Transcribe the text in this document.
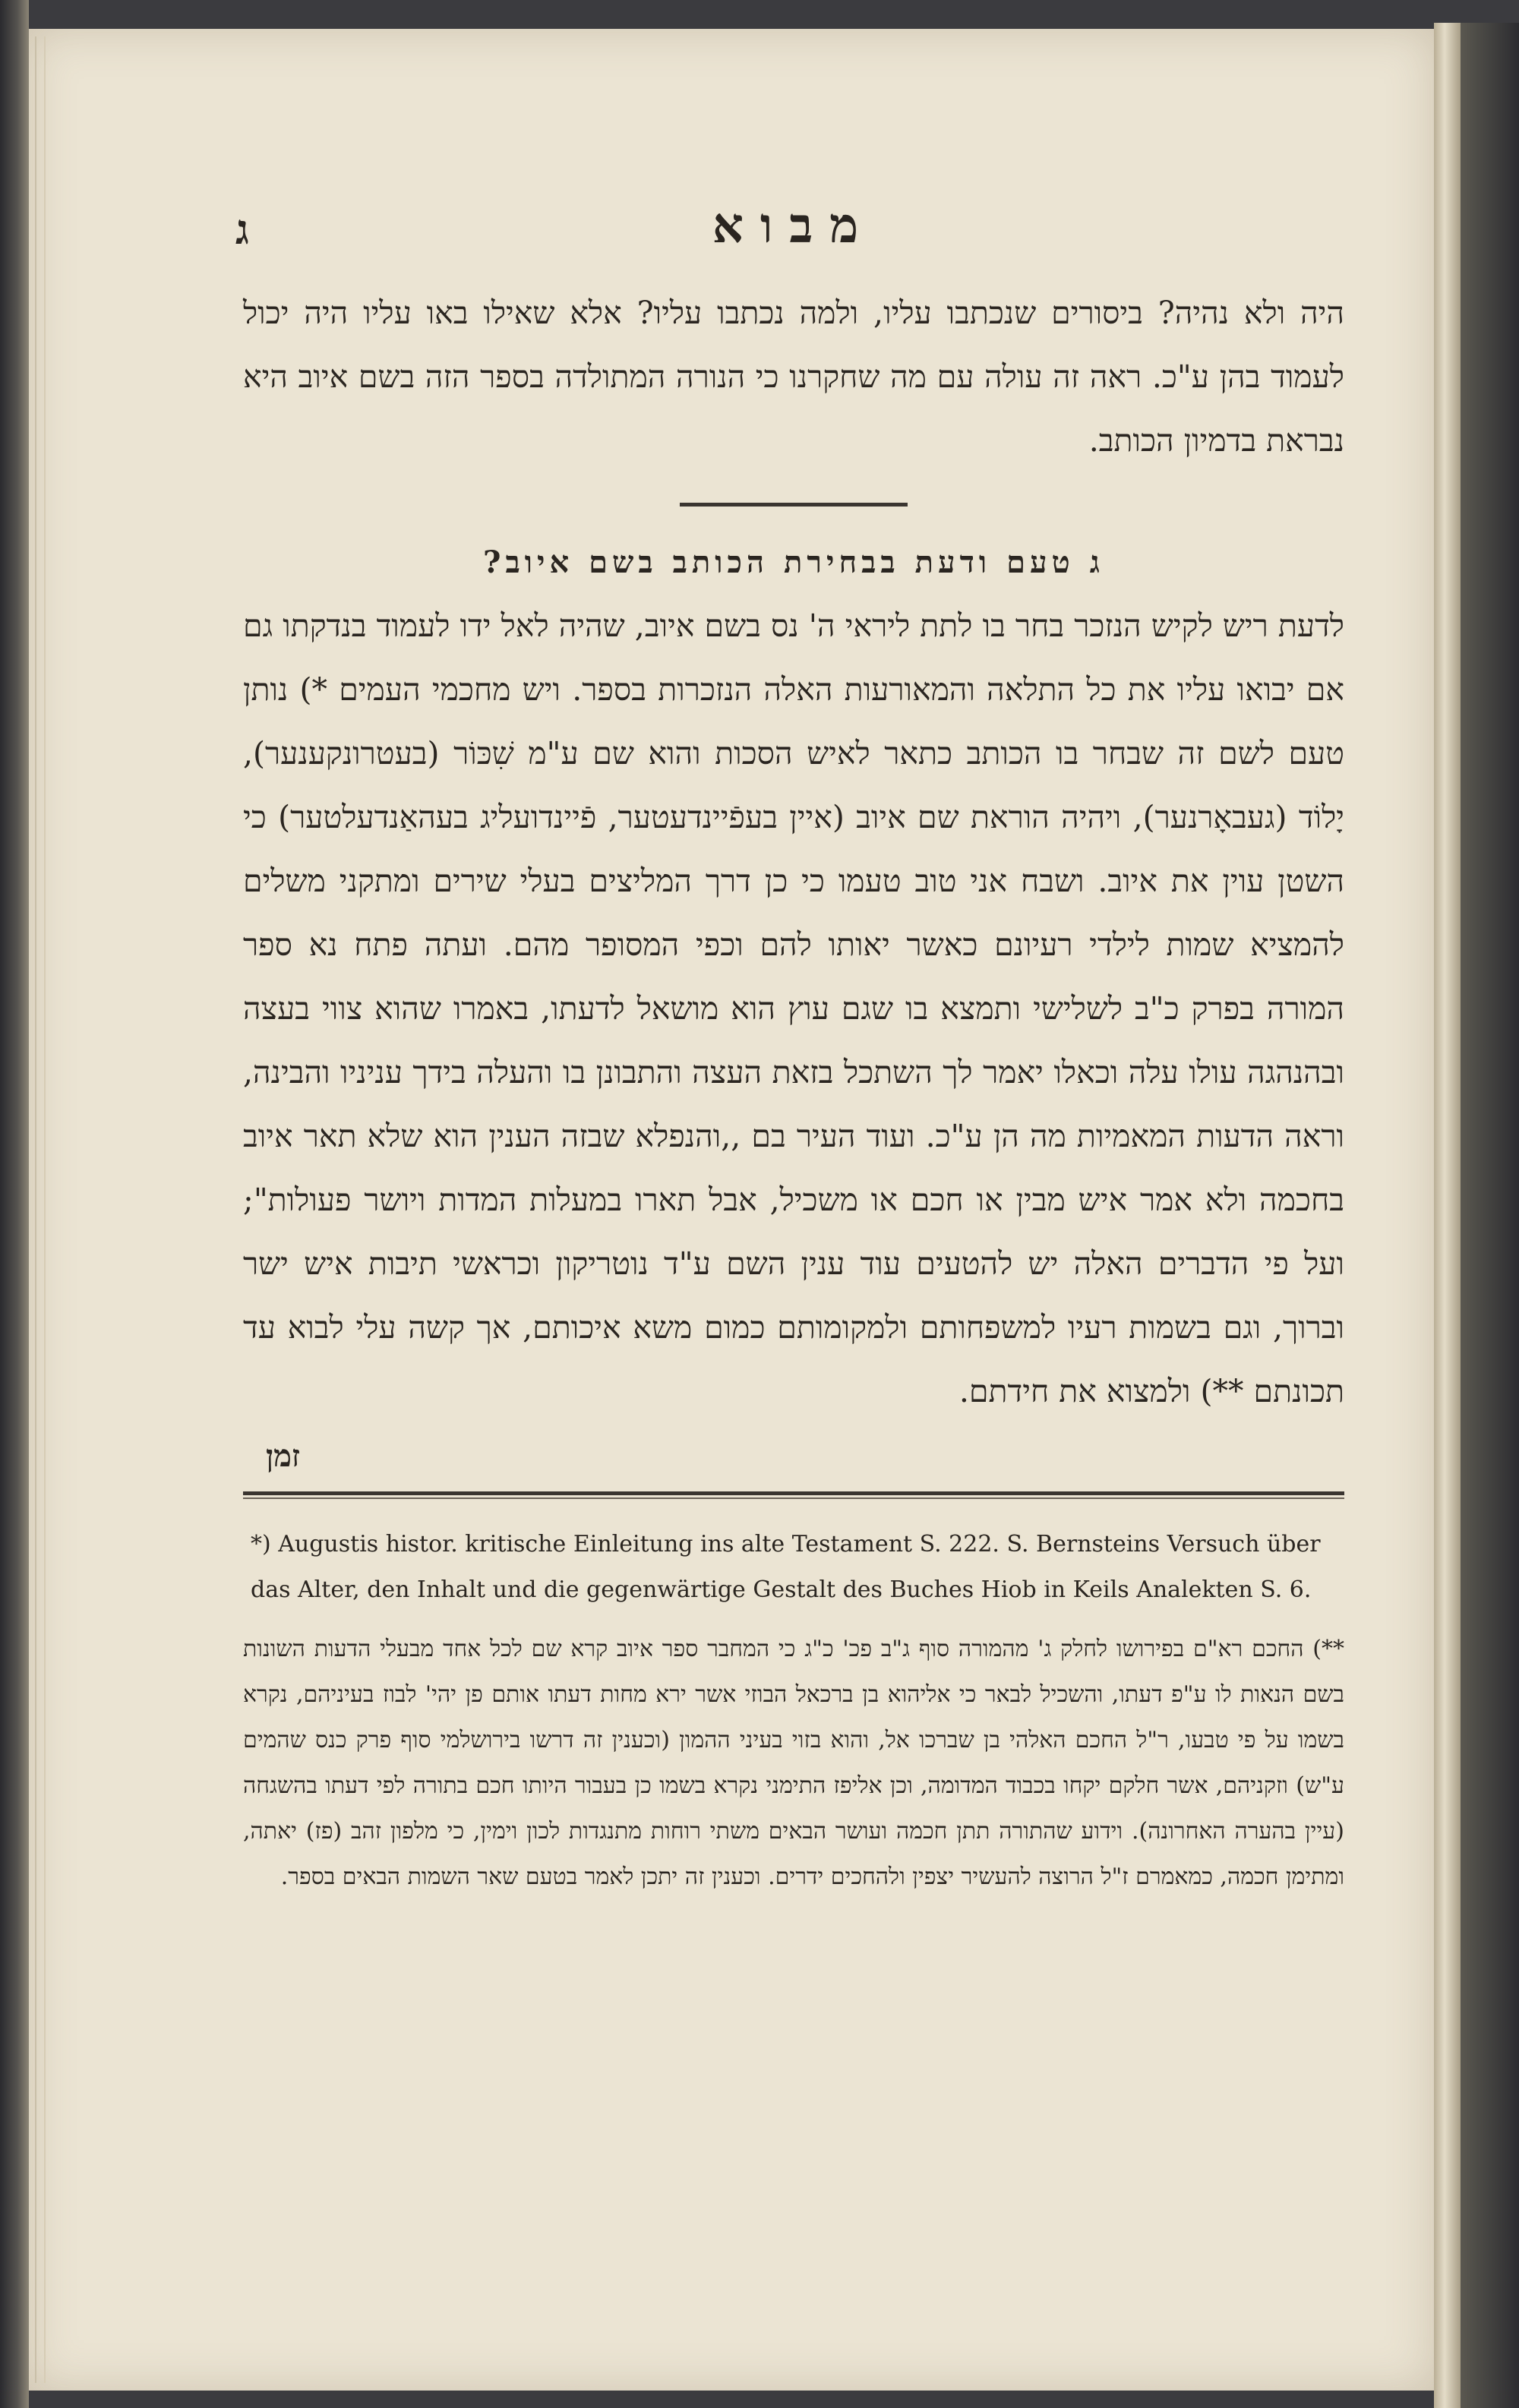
מבוא
ג
היה ולא נהיה? ביסורים שנכתבו עליו, ולמה נכתבו עליו? אלא שאילו באו עליו היה יכול לעמוד בהן ע"כ. ראה זה עולה עם מה שחקרנו כי הנורה המתולדה בספר הזה בשם איוב היא נבראת בדמיון הכותב.
ג טעם ודעת בבחירת הכותב בשם איוב?
לדעת ריש לקיש הנזכר בחר בו לתת ליראי ה' נס בשם איוב, שהיה לאל ידו לעמוד בנדקתו גם אם יבואו עליו את כל התלאה והמאורעות האלה הנזכרות בספר. ויש מחכמי העמים *) נותן טעם לשם זה שבחר בו הכותב כתאר לאיש הסכות והוא שם ע"מ שִׁכּוֹר (בעטרונקענער), יָלוֹד (געבאָרנער), ויהיה הוראת שם איוב (איין בעפֿיינדעטער, פֿיינדועליג בעהאַנדעלטער) כי השטן עוין את איוב. ושבח אני טוב טעמו כי כן דרך המליצים בעלי שירים ומתקני משלים להמציא שמות לילדי רעיונם כאשר יאותו להם וכפי המסופר מהם. ועתה פתח נא ספר המורה בפרק כ"ב לשלישי ותמצא בו שגם עוץ הוא מושאל לדעתו, באמרו שהוא צווי בעצה ובהנהגה עולו עלה וכאלו יאמר לך השתכל בזאת העצה והתבונן בו והעלה בידך עניניו והבינה, וראה הדעות המאמיות מה הן ע"כ. ועוד העיר בם ,,והנפלא שבזה הענין הוא שלא תאר איוב בחכמה ולא אמר איש מבין או חכם או משכיל, אבל תארו במעלות המדות ויושר פעולות"; ועל פי הדברים האלה יש להטעים עוד ענין השם ע"ד נוטריקון וכראשי תיבות איש ישר וברוך, וגם בשמות רעיו למשפחותם ולמקומותם כמום משא איכותם, אך קשה עלי לבוא עד תכונתם **) ולמצוא את חידתם.
זמן
*) Augustis histor. kritische Einleitung ins alte Testament S. 222. S. Bernsteins Versuch über das Alter, den Inhalt und die gegenwärtige Gestalt des Buches Hiob in Keils Analekten S. 6.
**) החכם רא"ם בפירושו לחלק ג' מהמורה סוף ג"ב פכ' כ"ג כי המחבר ספר איוב קרא שם לכל אחד מבעלי הדעות השונות בשם הנאות לו ע"פ דעתו, והשכיל לבאר כי אליהוא בן ברכאל הבוזי אשר ירא מחות דעתו אותם פן יהי' לבוז בעיניהם, נקרא בשמו על פי טבעו, ר"ל החכם האלהי בן שברכו אל, והוא בזוי בעיני ההמון (וכענין זה דרשו בירושלמי סוף פרק כנס שהמים ע"ש) וזקניהם, אשר חלקם יקחו בכבוד המדומה, וכן אליפז התימני נקרא בשמו כן בעבור היותו חכם בתורה לפי דעתו בהשגחה (עיין בהערה האחרונה). וידוע שהתורה תתן חכמה ועושר הבאים משתי רוחות מתנגדות לכון וימין, כי מלפון זהב (פז) יאתה, ומתימן חכמה, כמאמרם ז"ל הרוצה להעשיר יצפין ולהחכים ידרים. וכענין זה יתכן לאמר בטעם שאר השמות הבאים בספר.
